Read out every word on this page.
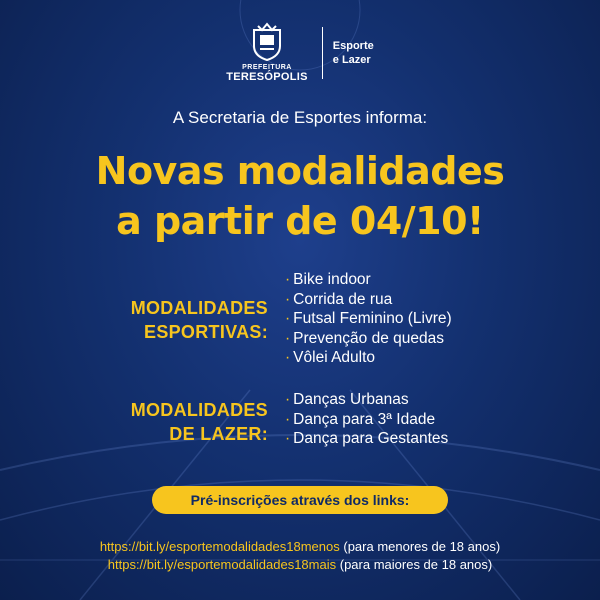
PREFEITURA
TERESÓPOLIS
Esporte
e Lazer
A Secretaria de Esportes informa:
Novas modalidades
a partir de 04/10!
MODALIDADES
ESPORTIVAS:
· Bike indoor
· Corrida de rua
· Futsal Feminino (Livre)
· Prevenção de quedas
· Vôlei Adulto
MODALIDADES
DE LAZER:
· Danças Urbanas
· Dança para 3ª Idade
· Dança para Gestantes
Pré-inscrições através dos links:
https://bit.ly/esportemodalidades18menos (para menores de 18 anos)
https://bit.ly/esportemodalidades18mais (para maiores de 18 anos)
